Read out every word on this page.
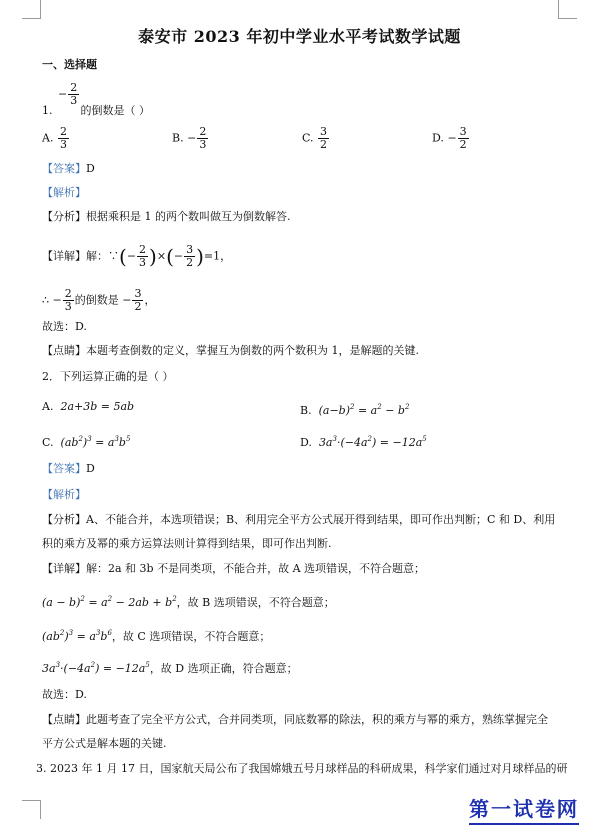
泰安市 2023 年初中学业水平考试数学试题
一、选择题
− $\frac{2}{3}$
1.	的倒数是（ ）
A. $\frac{2}{3}$	B. − $\frac{2}{3}$	C. $\frac{3}{2}$	D. − $\frac{3}{2}$
【答案】D
【解析】
【分析】根据乘积是 1 的两个数叫做互为倒数解答.
【详解】解：∵(− $\frac{2}{3}$ )×(− $\frac{3}{2} )=1$，
∴ − $\frac{2}{3}$ 的倒数是 − $\frac{3}{2}$ ，
故选：D.
【点睛】本题考查倒数的定义，掌握互为倒数的两个数积为 1，是解题的关键.
2．下列运算正确的是（ ）
A. 2a+3b = 5ab	B. $(a-b)^2 = a^2 - b^2$
C. $(ab^2)^3 = a^3b^5$	D. $3a^3\cdot(-4a^2) = -12a^5$
【答案】D
【解析】
【分析】A、不能合并，本选项错误；B、利用完全平方公式展开得到结果，即可作出判断；C 和 D、利用
积的乘方及幂的乘方运算法则计算得到结果，即可作出判断.
【详解】解：2a 和 3b 不是同类项，不能合并，故 A 选项错误，不符合题意；
$(a - b)^2 = a^2 - 2ab + b^2$，故 B 选项错误，不符合题意；
$(ab^2)^3 = a^3b^6$，故 C 选项错误，不符合题意；
$3a^3\cdot(-4a^2) = -12a^5$，故 D 选项正确，符合题意；
故选：D.
【点睛】此题考查了完全平方公式，合并同类项，同底数幂的除法，积的乘方与幂的乘方，熟练掌握完全
平方公式是解本题的关键.
3. 2023 年 1 月 17 日，国家航天局公布了我国嫦娥五号月球样品的科研成果，科学家们通过对月球样品的研
第一试卷网
